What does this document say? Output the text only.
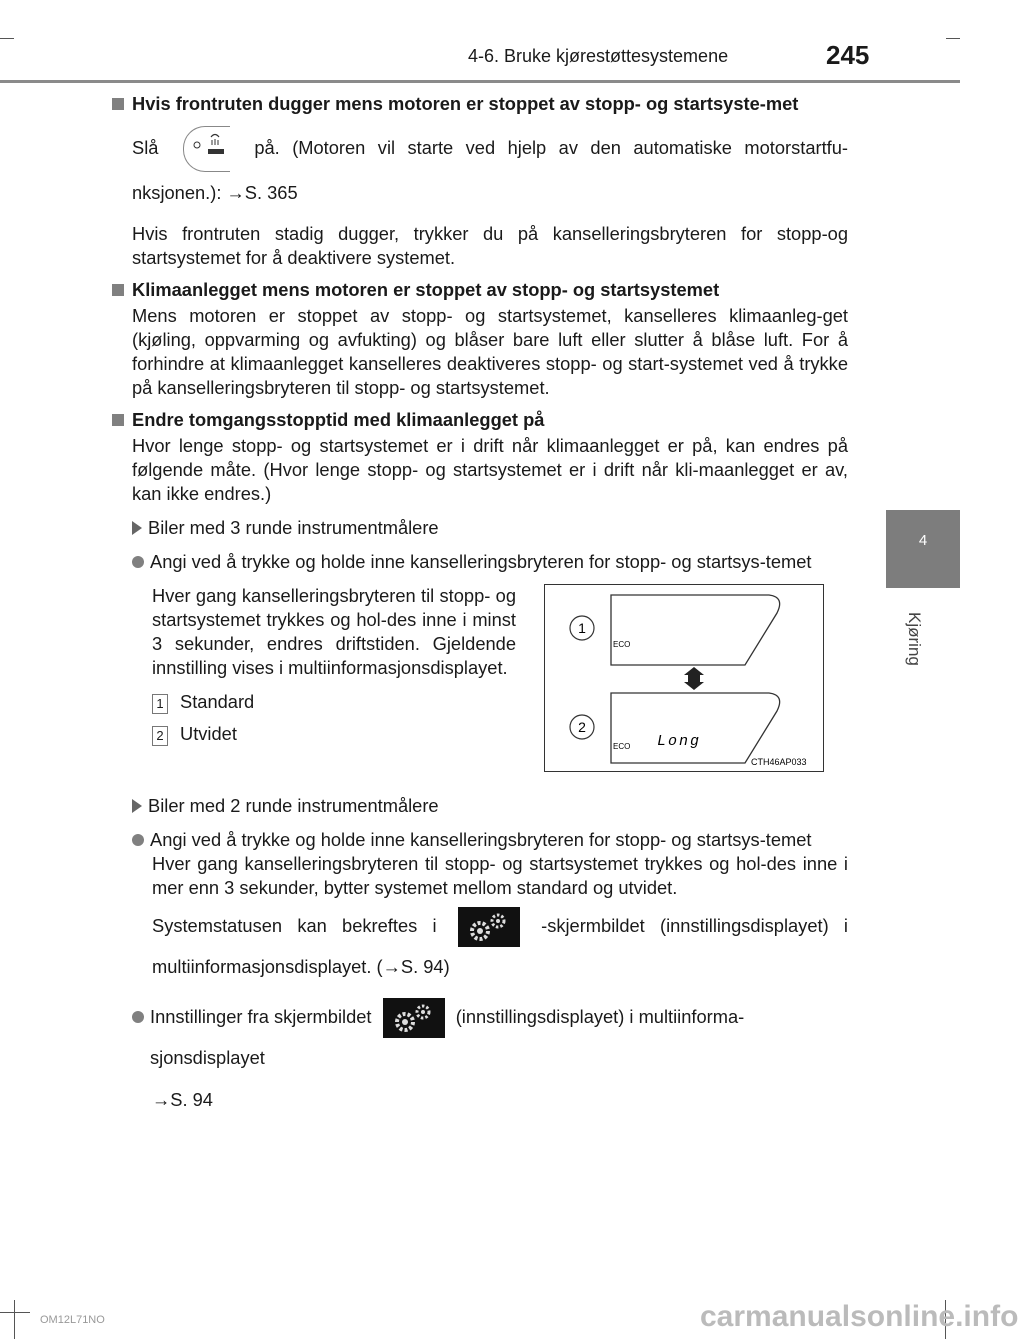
4-6. Bruke kjørestøttesystemene	245
4
Kjøring
Hvis frontruten dugger mens motoren er stoppet av stopp- og startsyste-met
Slå	på. (Motoren vil starte ved hjelp av den automatiske motorstartfu-nksjonen.): →S. 365
Hvis frontruten stadig dugger, trykker du på kanselleringsbryteren for stopp-og startsystemet for å deaktivere systemet.
Klimaanlegget mens motoren er stoppet av stopp- og startsystemet
Mens motoren er stoppet av stopp- og startsystemet, kanselleres klimaanleg-get (kjøling, oppvarming og avfukting) og blåser bare luft eller slutter å blåse luft. For å forhindre at klimaanlegget kanselleres deaktiveres stopp- og start-systemet ved å trykke på kanselleringsbryteren til stopp- og startsystemet.
Endre tomgangsstopptid med klimaanlegget på
Hvor lenge stopp- og startsystemet er i drift når klimaanlegget er på, kan endres på følgende måte. (Hvor lenge stopp- og startsystemet er i drift når kli-maanlegget er av, kan ikke endres.)
Biler med 3 runde instrumentmålere
Angi ved å trykke og holde inne kanselleringsbryteren for stopp- og startsys-temet
Hver gang kanselleringsbryteren til stopp- og startsystemet trykkes og hol-des inne i minst 3 sekunder, endres driftstiden. Gjeldende innstilling vises i multiinformasjonsdisplayet.
1 Standard
2 Utvidet
1
2
ECO
ECO Long
CTH46AP033
Biler med 2 runde instrumentmålere
Angi ved å trykke og holde inne kanselleringsbryteren for stopp- og startsys-temet
Hver gang kanselleringsbryteren til stopp- og startsystemet trykkes og hol-des inne i mer enn 3 sekunder, bytter systemet mellom standard og utvidet.
Systemstatusen kan bekreftes i	-skjermbildet (innstillingsdisplayet) i multiinformasjonsdisplayet. (→S. 94)
Innstillinger fra skjermbildet	(innstillingsdisplayet) i multiinforma-sjonsdisplayet
→S. 94
OM12L71NO	carmanualsonline.info
